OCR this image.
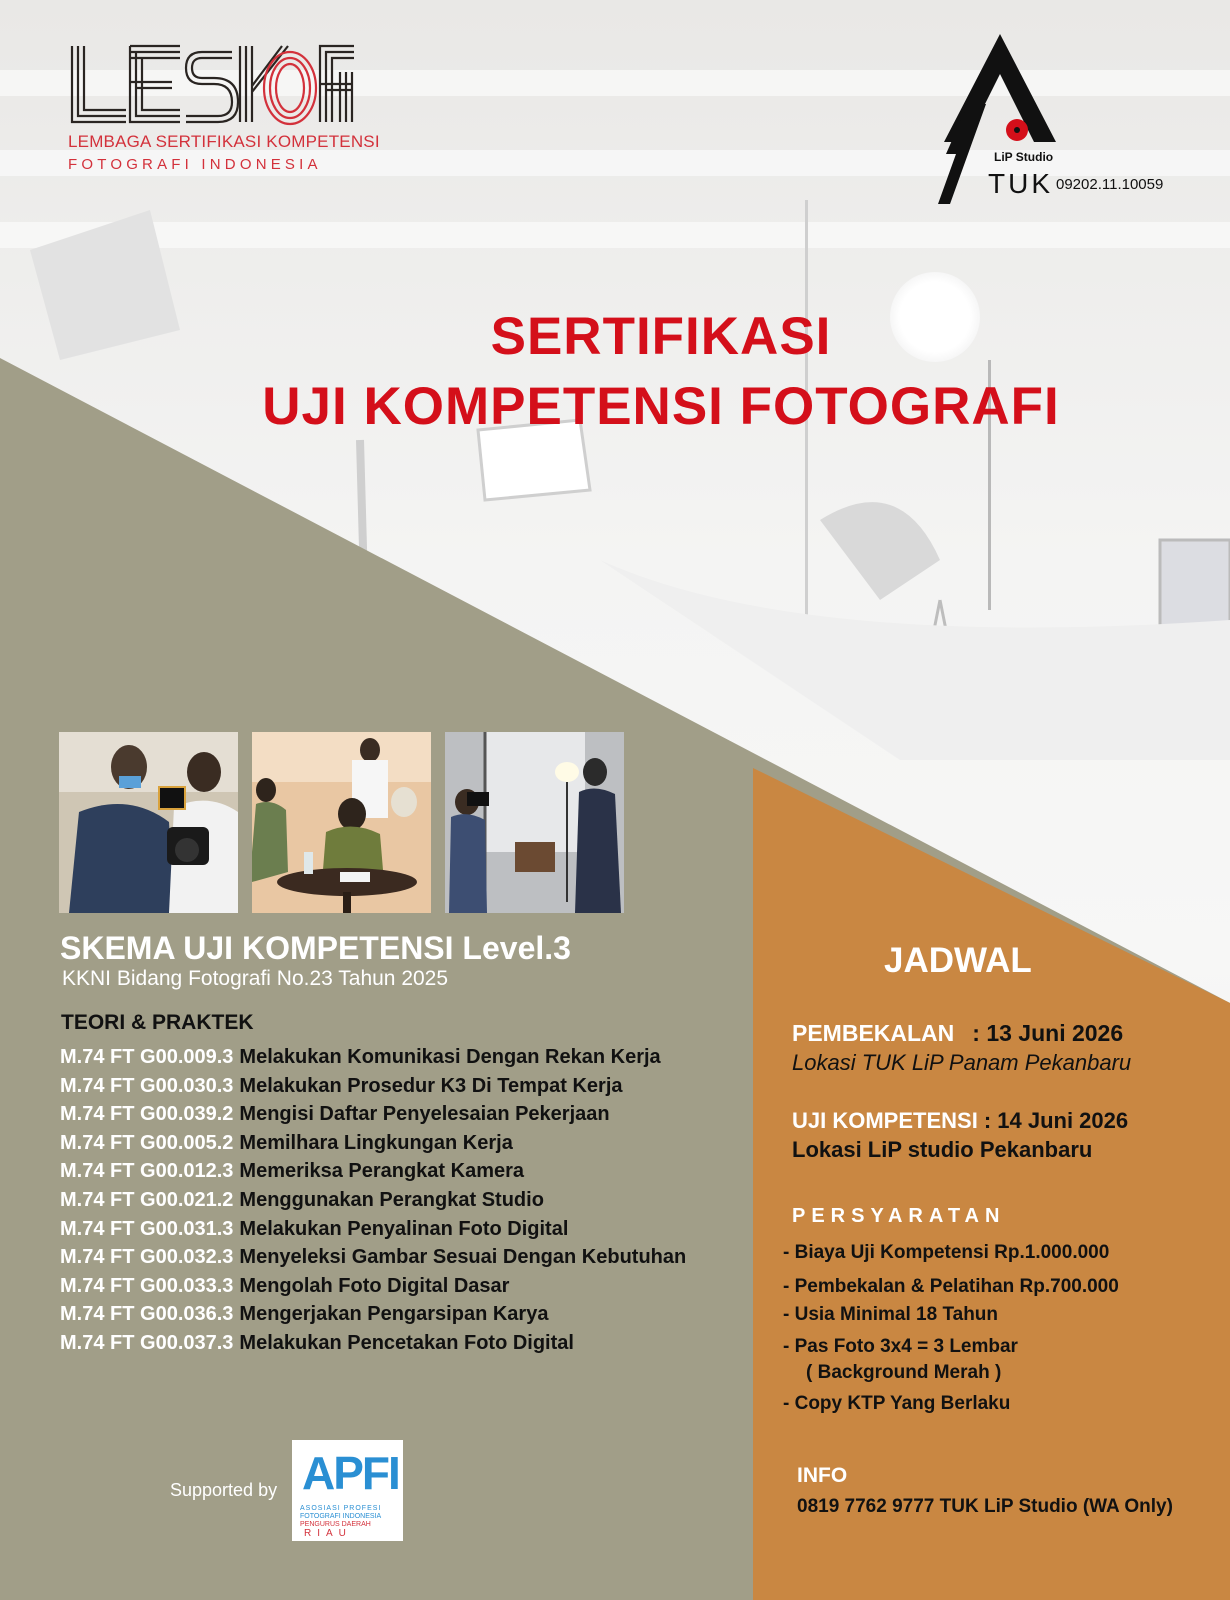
LEMBAGA SERTIFIKASI KOMPETENSI
FOTOGRAFI INDONESIA	LiP Studio
TUK 09202.11.10059
SERTIFIKASI
UJI KOMPETENSI FOTOGRAFI
SKEMA UJI KOMPETENSI Level.3
KKNI Bidang Fotografi No.23 Tahun 2025
TEORI & PRAKTEK
M.74 FT G00.009.3 Melakukan Komunikasi Dengan Rekan Kerja
M.74 FT G00.030.3 Melakukan Prosedur K3 Di Tempat Kerja
M.74 FT G00.039.2 Mengisi Daftar Penyelesaian Pekerjaan
M.74 FT G00.005.2 Memilhara Lingkungan Kerja
M.74 FT G00.012.3 Memeriksa Perangkat Kamera
M.74 FT G00.021.2 Menggunakan Perangkat Studio
M.74 FT G00.031.3 Melakukan Penyalinan Foto Digital
M.74 FT G00.032.3 Menyeleksi Gambar Sesuai Dengan Kebutuhan
M.74 FT G00.033.3 Mengolah Foto Digital Dasar
M.74 FT G00.036.3 Mengerjakan Pengarsipan Karya
M.74 FT G00.037.3 Melakukan Pencetakan Foto Digital
Supported by APFI
ASOSIASI PROFESI
FOTOGRAFI INDONESIA
PENGURUS DAERAH
RIAU
JADWAL
PEMBEKALAN : 13 Juni 2026
Lokasi TUK LiP Panam Pekanbaru
UJI KOMPETENSI : 14 Juni 2026
Lokasi LiP studio Pekanbaru
PERSYARATAN
- Biaya Uji Kompetensi Rp.1.000.000
- Pembekalan & Pelatihan Rp.700.000
- Usia Minimal 18 Tahun
- Pas Foto 3x4 = 3 Lembar
( Background Merah )
- Copy KTP Yang Berlaku
INFO
0819 7762 9777 TUK LiP Studio (WA Only)
